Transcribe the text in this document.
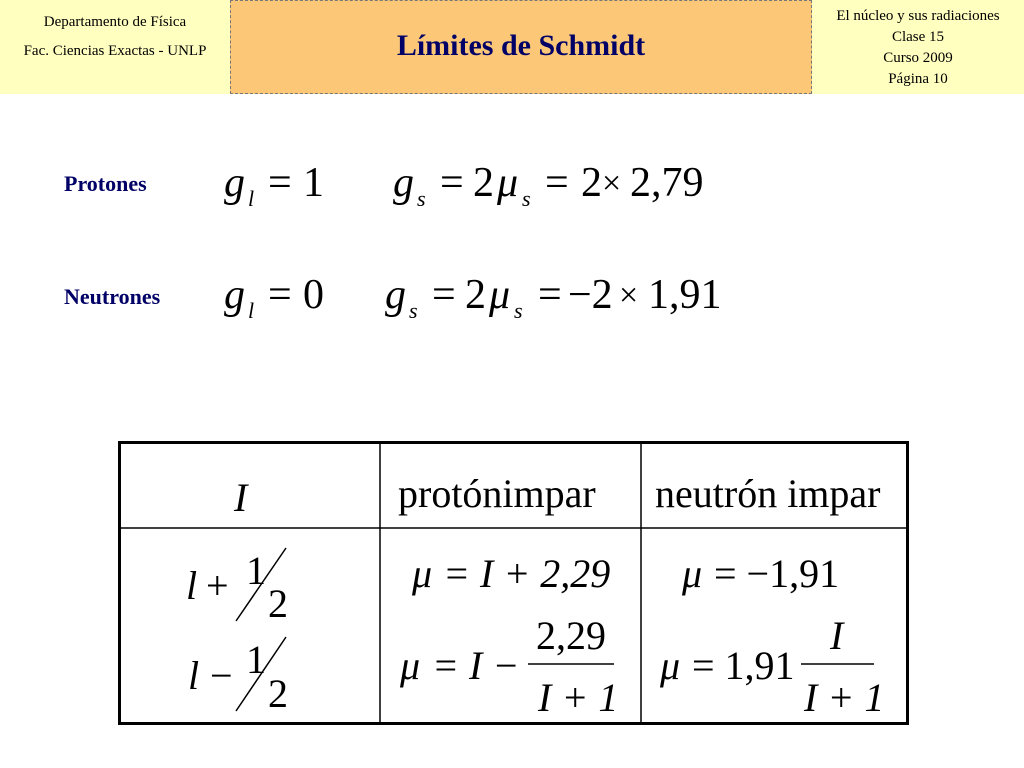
Departamento de Física
Fac. Ciencias Exactas - UNLP	Límites de Schmidt
El núcleo y sus radiaciones
Clase 15
Curso 2009
Página 10
Protones
Neutrones
g l = 1 g s = 2 μ s = 2 × 2,79
g l = 0 g s = 2 μ s = −2 × 1,91
I	protónimpar neutrón impar
l + 1
2
μ = I + 2,29 μ = −1,91
l − 1
2
μ = I −
2,29
I + 1
μ = 1,91
I
I + 1
